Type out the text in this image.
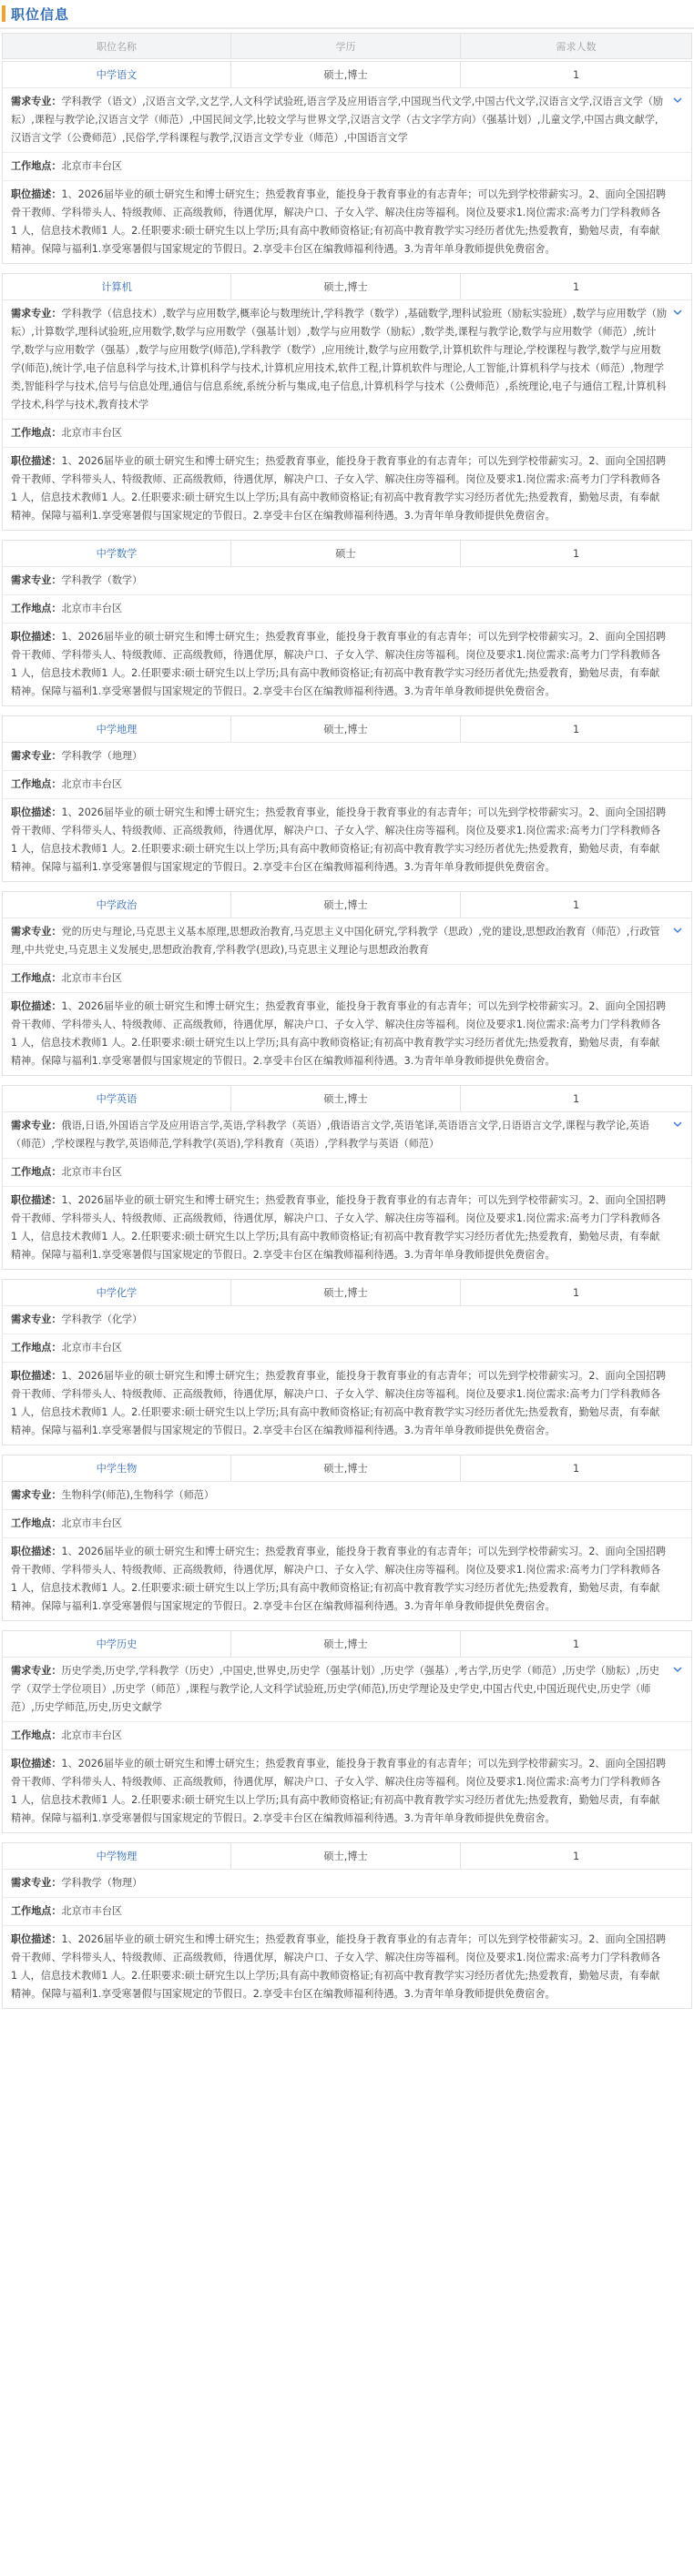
职位信息
职位名称	学历	需求人数
中学语文	硕士,博士	1
需求专业：学科教学（语文）,汉语言文学,文艺学,人文科学试验班,语言学及应用语言学,中国现当代文学,中国古代文学,汉语言文学,汉语言文学（励耘）,课程与教学论,汉语言文学（师范）,中国民间文学,比较文学与世界文学,汉语言文学（古文字学方向）（强基计划）,儿童文学,中国古典文献学,汉语言文学（公费师范）,民俗学,学科课程与教学,汉语言文学专业（师范）,中国语言文学
工作地点：北京市丰台区
职位描述：1、2026届毕业的硕士研究生和博士研究生；热爱教育事业，能投身于教育事业的有志青年；可以先到学校带薪实习。2、面向全国招聘骨干教师、学科带头人、特级教师、正高级教师，待遇优厚，解决户口、子女入学、解决住房等福利。岗位及要求1.岗位需求:高考力门学科教师各 1 人，信息技术教师1 人。2.任职要求:硕士研究生以上学历;具有高中教师资格证;有初高中教育教学实习经历者优先;热爱教育，勤勉尽责，有奉献精神。保障与福利1.享受寒暑假与国家规定的节假日。2.享受丰台区在编教师福利待遇。3.为青年单身教师提供免费宿舍。
计算机	硕士,博士	1
需求专业：学科教学（信息技术）,数学与应用数学,概率论与数理统计,学科教学（数学）,基础数学,理科试验班（励耘实验班）,数学与应用数学（励耘）,计算数学,理科试验班,应用数学,数学与应用数学（强基计划）,数学与应用数学（励耘）,数学类,课程与教学论,数学与应用数学（师范）,统计学,数学与应用数学（强基）,数学与应用数学(师范),学科教学（数学）,应用统计,数学与应用数学,计算机软件与理论,学校课程与教学,数学与应用数学(师范),统计学,电子信息科学与技术,计算机科学与技术,计算机应用技术,软件工程,计算机软件与理论,人工智能,计算机科学与技术（师范）,物理学类,智能科学与技术,信号与信息处理,通信与信息系统,系统分析与集成,电子信息,计算机科学与技术（公费师范）,系统理论,电子与通信工程,计算机科学技术,科学与技术,教育技术学
工作地点：北京市丰台区
职位描述：1、2026届毕业的硕士研究生和博士研究生；热爱教育事业，能投身于教育事业的有志青年；可以先到学校带薪实习。2、面向全国招聘骨干教师、学科带头人、特级教师、正高级教师，待遇优厚，解决户口、子女入学、解决住房等福利。岗位及要求1.岗位需求:高考力门学科教师各 1 人，信息技术教师1 人。2.任职要求:硕士研究生以上学历;具有高中教师资格证;有初高中教育教学实习经历者优先;热爱教育，勤勉尽责，有奉献精神。保障与福利1.享受寒暑假与国家规定的节假日。2.享受丰台区在编教师福利待遇。3.为青年单身教师提供免费宿舍。
中学数学	硕士	1
需求专业：学科教学（数学）
工作地点：北京市丰台区
职位描述：1、2026届毕业的硕士研究生和博士研究生；热爱教育事业，能投身于教育事业的有志青年；可以先到学校带薪实习。2、面向全国招聘骨干教师、学科带头人、特级教师、正高级教师，待遇优厚，解决户口、子女入学、解决住房等福利。岗位及要求1.岗位需求:高考力门学科教师各 1 人，信息技术教师1 人。2.任职要求:硕士研究生以上学历;具有高中教师资格证;有初高中教育教学实习经历者优先;热爱教育，勤勉尽责，有奉献精神。保障与福利1.享受寒暑假与国家规定的节假日。2.享受丰台区在编教师福利待遇。3.为青年单身教师提供免费宿舍。
中学地理	硕士,博士	1
需求专业：学科教学（地理）
工作地点：北京市丰台区
职位描述：1、2026届毕业的硕士研究生和博士研究生；热爱教育事业，能投身于教育事业的有志青年；可以先到学校带薪实习。2、面向全国招聘骨干教师、学科带头人、特级教师、正高级教师，待遇优厚，解决户口、子女入学、解决住房等福利。岗位及要求1.岗位需求:高考力门学科教师各 1 人，信息技术教师1 人。2.任职要求:硕士研究生以上学历;具有高中教师资格证;有初高中教育教学实习经历者优先;热爱教育，勤勉尽责，有奉献精神。保障与福利1.享受寒暑假与国家规定的节假日。2.享受丰台区在编教师福利待遇。3.为青年单身教师提供免费宿舍。
中学政治	硕士,博士	1
需求专业：党的历史与理论,马克思主义基本原理,思想政治教育,马克思主义中国化研究,学科教学（思政）,党的建设,思想政治教育（师范）,行政管理,中共党史,马克思主义发展史,思想政治教育,学科教学(思政),马克思主义理论与思想政治教育
工作地点：北京市丰台区
职位描述：1、2026届毕业的硕士研究生和博士研究生；热爱教育事业，能投身于教育事业的有志青年；可以先到学校带薪实习。2、面向全国招聘骨干教师、学科带头人、特级教师、正高级教师，待遇优厚，解决户口、子女入学、解决住房等福利。岗位及要求1.岗位需求:高考力门学科教师各 1 人，信息技术教师1 人。2.任职要求:硕士研究生以上学历;具有高中教师资格证;有初高中教育教学实习经历者优先;热爱教育，勤勉尽责，有奉献精神。保障与福利1.享受寒暑假与国家规定的节假日。2.享受丰台区在编教师福利待遇。3.为青年单身教师提供免费宿舍。
中学英语	硕士,博士	1
需求专业：俄语,日语,外国语言学及应用语言学,英语,学科教学（英语）,俄语语言文学,英语笔译,英语语言文学,日语语言文学,课程与教学论,英语（师范）,学校课程与教学,英语师范,学科教学(英语),学科教育（英语）,学科教学与英语（师范）
工作地点：北京市丰台区
职位描述：1、2026届毕业的硕士研究生和博士研究生；热爱教育事业，能投身于教育事业的有志青年；可以先到学校带薪实习。2、面向全国招聘骨干教师、学科带头人、特级教师、正高级教师，待遇优厚，解决户口、子女入学、解决住房等福利。岗位及要求1.岗位需求:高考力门学科教师各 1 人，信息技术教师1 人。2.任职要求:硕士研究生以上学历;具有高中教师资格证;有初高中教育教学实习经历者优先;热爱教育，勤勉尽责，有奉献精神。保障与福利1.享受寒暑假与国家规定的节假日。2.享受丰台区在编教师福利待遇。3.为青年单身教师提供免费宿舍。
中学化学	硕士,博士	1
需求专业：学科教学（化学）
工作地点：北京市丰台区
职位描述：1、2026届毕业的硕士研究生和博士研究生；热爱教育事业，能投身于教育事业的有志青年；可以先到学校带薪实习。2、面向全国招聘骨干教师、学科带头人、特级教师、正高级教师，待遇优厚，解决户口、子女入学、解决住房等福利。岗位及要求1.岗位需求:高考力门学科教师各 1 人，信息技术教师1 人。2.任职要求:硕士研究生以上学历;具有高中教师资格证;有初高中教育教学实习经历者优先;热爱教育，勤勉尽责，有奉献精神。保障与福利1.享受寒暑假与国家规定的节假日。2.享受丰台区在编教师福利待遇。3.为青年单身教师提供免费宿舍。
中学生物	硕士,博士	1
需求专业：生物科学(师范),生物科学（师范）
工作地点：北京市丰台区
职位描述：1、2026届毕业的硕士研究生和博士研究生；热爱教育事业，能投身于教育事业的有志青年；可以先到学校带薪实习。2、面向全国招聘骨干教师、学科带头人、特级教师、正高级教师，待遇优厚，解决户口、子女入学、解决住房等福利。岗位及要求1.岗位需求:高考力门学科教师各 1 人，信息技术教师1 人。2.任职要求:硕士研究生以上学历;具有高中教师资格证;有初高中教育教学实习经历者优先;热爱教育，勤勉尽责，有奉献精神。保障与福利1.享受寒暑假与国家规定的节假日。2.享受丰台区在编教师福利待遇。3.为青年单身教师提供免费宿舍。
中学历史	硕士,博士	1
需求专业：历史学类,历史学,学科教学（历史）,中国史,世界史,历史学（强基计划）,历史学（强基）,考古学,历史学（师范）,历史学（励耘）,历史学（双学士学位项目）,历史学（师范）,课程与教学论,人文科学试验班,历史学(师范),历史学理论及史学史,中国古代史,中国近现代史,历史学（师范）,历史学师范,历史,历史文献学
工作地点：北京市丰台区
职位描述：1、2026届毕业的硕士研究生和博士研究生；热爱教育事业，能投身于教育事业的有志青年；可以先到学校带薪实习。2、面向全国招聘骨干教师、学科带头人、特级教师、正高级教师，待遇优厚，解决户口、子女入学、解决住房等福利。岗位及要求1.岗位需求:高考力门学科教师各 1 人，信息技术教师1 人。2.任职要求:硕士研究生以上学历;具有高中教师资格证;有初高中教育教学实习经历者优先;热爱教育，勤勉尽责，有奉献精神。保障与福利1.享受寒暑假与国家规定的节假日。2.享受丰台区在编教师福利待遇。3.为青年单身教师提供免费宿舍。
中学物理	硕士,博士	1
需求专业：学科教学（物理）
工作地点：北京市丰台区
职位描述：1、2026届毕业的硕士研究生和博士研究生；热爱教育事业，能投身于教育事业的有志青年；可以先到学校带薪实习。2、面向全国招聘骨干教师、学科带头人、特级教师、正高级教师，待遇优厚，解决户口、子女入学、解决住房等福利。岗位及要求1.岗位需求:高考力门学科教师各 1 人，信息技术教师1 人。2.任职要求:硕士研究生以上学历;具有高中教师资格证;有初高中教育教学实习经历者优先;热爱教育，勤勉尽责，有奉献精神。保障与福利1.享受寒暑假与国家规定的节假日。2.享受丰台区在编教师福利待遇。3.为青年单身教师提供免费宿舍。
